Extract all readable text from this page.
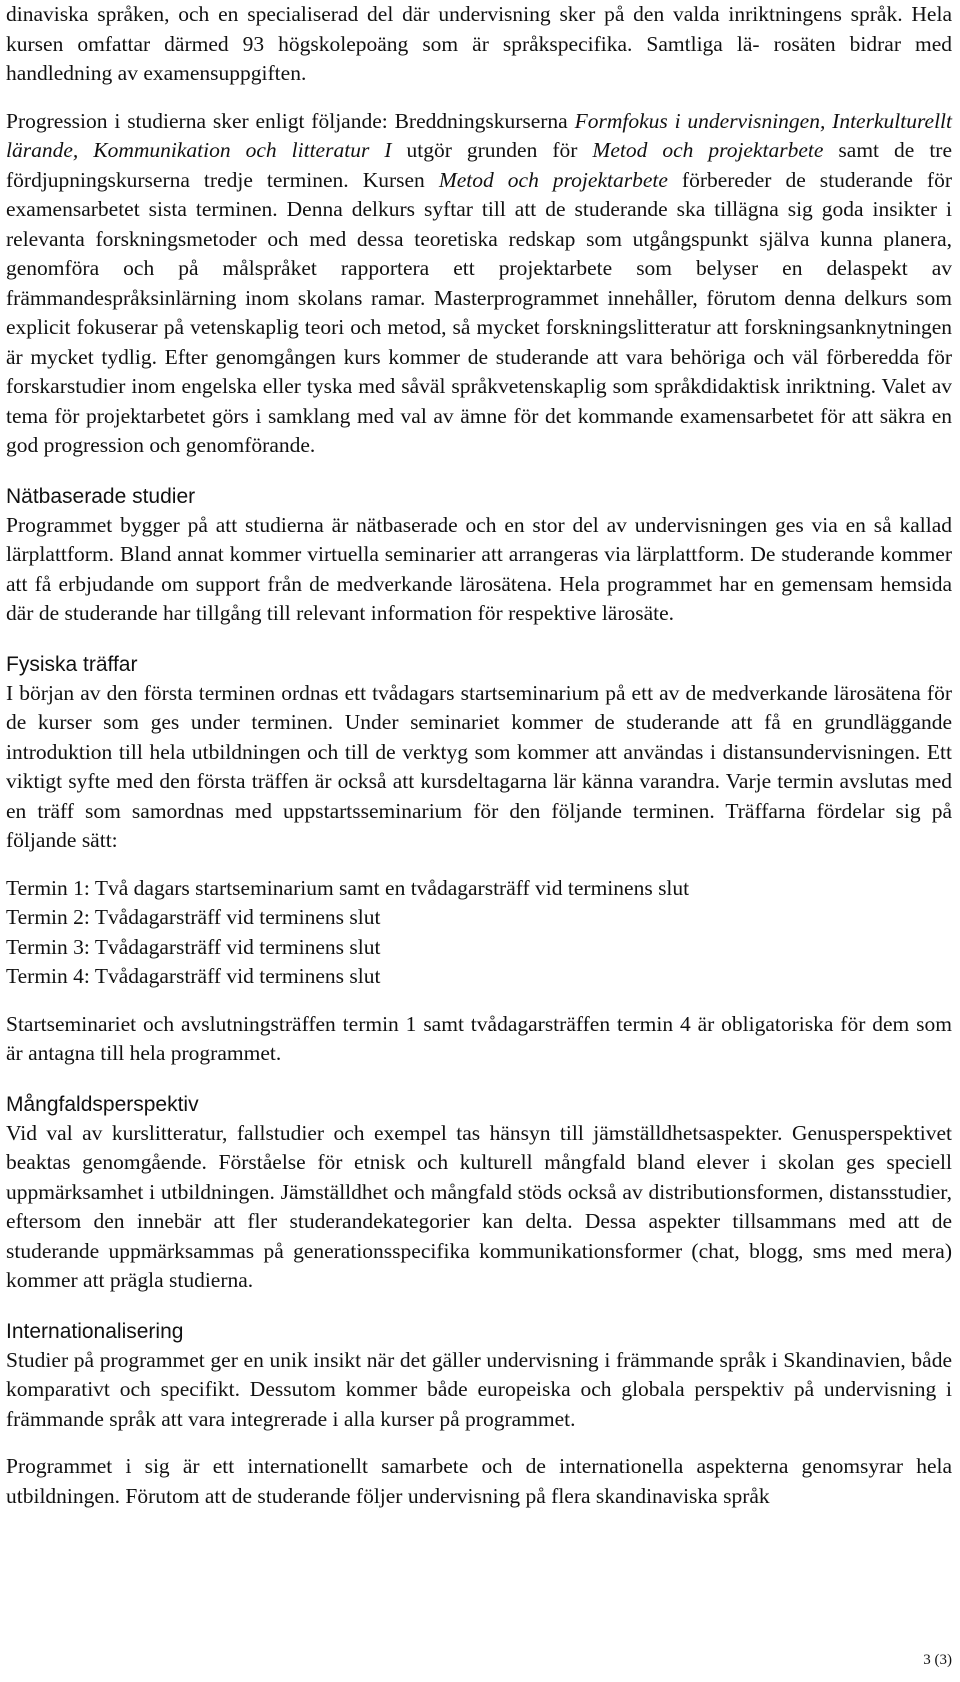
dinaviska språken, och en specialiserad del där undervisning sker på den valda inriktningens språk. Hela kursen omfattar därmed 93 högskolepoäng som är språkspecifika. Samtliga lä- rosäten bidrar med handledning av examensuppgiften.

Progression i studierna sker enligt följande: Breddningskurserna Formfokus i undervisningen, Interkulturellt lärande, Kommunikation och litteratur I utgör grunden för Metod och projektarbete samt de tre fördjupningskurserna tredje terminen. Kursen Metod och projektarbete förbereder de studerande för examensarbetet sista terminen. Denna delkurs syftar till att de studerande ska tillägna sig goda insikter i relevanta forskningsmetoder och med dessa teoretiska redskap som utgångspunkt själva kunna planera, genomföra och på målspråket rapportera ett projektarbete som belyser en delaspekt av främmandespråksinlärning inom skolans ramar. Masterprogrammet innehåller, förutom denna delkurs som explicit fokuserar på vetenskaplig teori och metod, så mycket forskningslitteratur att forskningsanknytningen är mycket tydlig. Efter genomgången kurs kommer de studerande att vara behöriga och väl förberedda för forskarstudier inom engelska eller tyska med såväl språkvetenskaplig som språkdidaktisk inriktning. Valet av tema för projektarbetet görs i samklang med val av ämne för det kommande examensarbetet för att säkra en god progression och genomförande.

Nätbaserade studier

Programmet bygger på att studierna är nätbaserade och en stor del av undervisningen ges via en så kallad lärplattform. Bland annat kommer virtuella seminarier att arrangeras via lärplattform. De studerande kommer att få erbjudande om support från de medverkande lärosätena. Hela programmet har en gemensam hemsida där de studerande har tillgång till relevant information för respektive lärosäte.

Fysiska träffar

I början av den första terminen ordnas ett tvådagars startseminarium på ett av de medverkande lärosätena för de kurser som ges under terminen. Under seminariet kommer de studerande att få en grundläggande introduktion till hela utbildningen och till de verktyg som kommer att användas i distansundervisningen. Ett viktigt syfte med den första träffen är också att kursdeltagarna lär känna varandra. Varje termin avslutas med en träff som samordnas med uppstartsseminarium för den följande terminen. Träffarna fördelar sig på följande sätt:

Termin 1: Två dagars startseminarium samt en tvådagarsträff vid terminens slut
Termin 2: Tvådagarsträff vid terminens slut
Termin 3: Tvådagarsträff vid terminens slut
Termin 4: Tvådagarsträff vid terminens slut

Startseminariet och avslutningsträffen termin 1 samt tvådagarsträffen termin 4 är obligatoriska för dem som är antagna till hela programmet.

Mångfaldsperspektiv

Vid val av kurslitteratur, fallstudier och exempel tas hänsyn till jämställdhetsaspekter. Genusperspektivet beaktas genomgående. Förståelse för etnisk och kulturell mångfald bland elever i skolan ges speciell uppmärksamhet i utbildningen. Jämställdhet och mångfald stöds också av distributionsformen, distansstudier, eftersom den innebär att fler studerandekategorier kan delta. Dessa aspekter tillsammans med att de studerande uppmärksammas på generationsspecifika kommunikationsformer (chat, blogg, sms med mera) kommer att prägla studierna.

Internationalisering

Studier på programmet ger en unik insikt när det gäller undervisning i främmande språk i Skandinavien, både komparativt och specifikt. Dessutom kommer både europeiska och globala perspektiv på undervisning i främmande språk att vara integrerade i alla kurser på programmet.

Programmet i sig är ett internationellt samarbete och de internationella aspekterna genomsyrar hela utbildningen. Förutom att de studerande följer undervisning på flera skandinaviska språk

3 (3)
